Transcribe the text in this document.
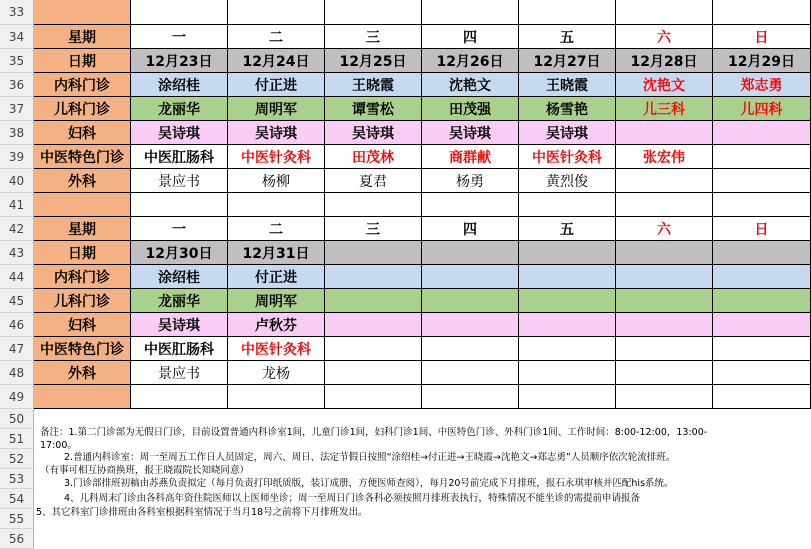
33
34
35
36
37
38
39
40
41
42
43
44
45
46
47
48
49
50
51
52
53
54
55
56
星期	一	二	三	四	五	六	日
日期	12月23日	12月24日	12月25日	12月26日	12月27日	12月28日	12月29日
内科门诊	涂绍桂	付正进	王晓霞	沈艳文	王晓霞	沈艳文	郑志勇
儿科门诊	龙丽华	周明军	谭雪松	田茂强	杨雪艳	儿三科	儿四科
妇科	吴诗琪	吴诗琪	吴诗琪	吴诗琪	吴诗琪
中医特色门诊	中医肛肠科	中医针灸科	田茂林	商群献	中医针灸科	张宏伟
外科	景应书	杨柳	夏君	杨勇	黄烈俊
星期	一	二	三	四	五	六	日
日期	12月30日	12月31日
内科门诊	涂绍桂	付正进
儿科门诊	龙丽华	周明军
妇科	吴诗琪	卢秋芬
中医特色门诊	中医肛肠科	中医针灸科
外科	景应书	龙杨
备注：1.第二门诊部为无假日门诊，目前设置普通内科诊室1间，儿童门诊1间，妇科门诊1间、中医特色门诊、外科门诊1间、工作时间：8:00-12:00，13:00-
17:00。
2.普通内科诊室：周一至周五工作日人员固定，周六、周日、法定节假日按照“涂绍桂→付正进→王晓霞→沈艳文→郑志勇”人员顺序依次轮流排班。
（有事可相互协商换班，报王晓霞院长知晓同意）
3.门诊部排班初稿由苏燕负责拟定（每月负责打印纸质版，装订成册，方便医师查阅），每月20号前完成下月排班，报石永琪审核并匹配his系统。
4、儿科周末门诊由各科高年资住院医师以上医师坐诊；周一至周日门诊各科必须按照月排班表执行，特殊情况不能坐诊的需提前申请报备
5、其它科室门诊排班由各科室根据科室情况于当月18号之前将下月排班发出。
